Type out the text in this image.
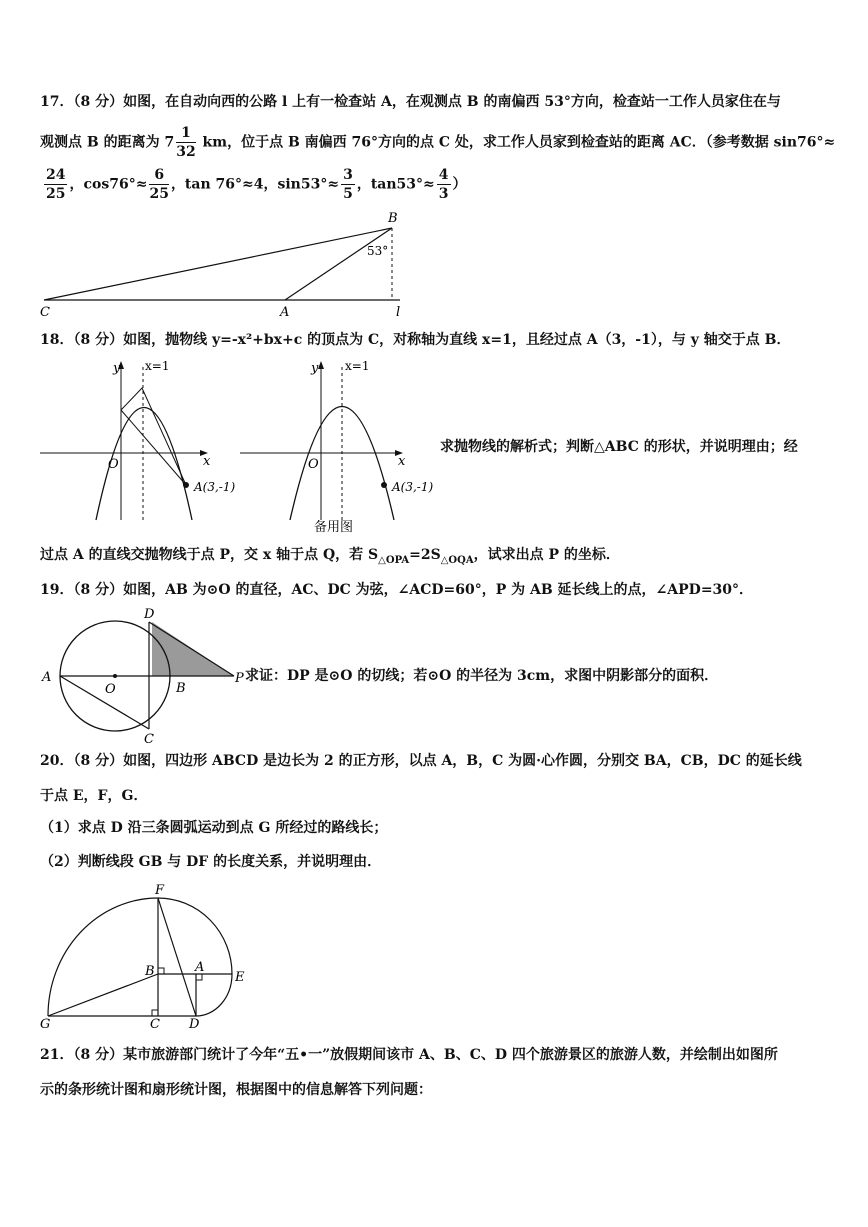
17．（8 分）如图，在自动向西的公路 l 上有一检查站 A，在观测点 B 的南偏西 53°方向，检查站一工作人员家住在与
观测点 B 的距离为 $7 \frac{1}{32}$ km，位于点 B 南偏西 76°方向的点 C 处，求工作人员家到检查站的距离 AC．（参考数据 sin76°≈
$\frac{24}{25}$ ，$\cos 76^\circ\approx \frac{6}{25}$ ，tan 76°≈4，$\sin 53^\circ\approx \frac{3}{5}$ ，$\tan 53^\circ\approx \frac{4}{3}$ ）
B
53°
C	A	l
18．（8 分）如图，抛物线 y=-x²+bx+c 的顶点为 C，对称轴为直线 x=1，且经过点 A（3，-1），与 y 轴交于点 B．
y x=1
x
O
A(3,-1)
y x=1
x
O
A(3,-1)
备用图
求抛物线的解析式；判断△ABC 的形状，并说明理由；经
过点 A 的直线交抛物线于点 P，交 x 轴于点 Q，若 $S_{\triangle OPA}=2S_{\triangle OQA}$，试求出点 P 的坐标．
19．（8 分）如图，AB 为⊙O 的直径，AC、DC 为弦，∠ACD=60°，P 为 AB 延长线上的点，∠APD=30°．
A
O	B
D
C
P 求证：DP 是⊙O 的切线；若⊙O 的半径为 3cm，求图中阴影部分的面积．
20．（8 分）如图，四边形 ABCD 是边长为 2 的正方形，以点 A，B，C 为圆·心作圆，分别交 BA，CB，DC 的延长线
于点 E，F，G．
（1）求点 D 沿三条圆弧运动到点 G 所经过的路线长；
（2）判断线段 GB 与 DF 的长度关系，并说明理由．
F
B	A
E
G	C D
21．（8 分）某市旅游部门统计了今年“五•一”放假期间该市 A、B、C、D 四个旅游景区的旅游人数，并绘制出如图所
示的条形统计图和扇形统计图，根据图中的信息解答下列问题：
